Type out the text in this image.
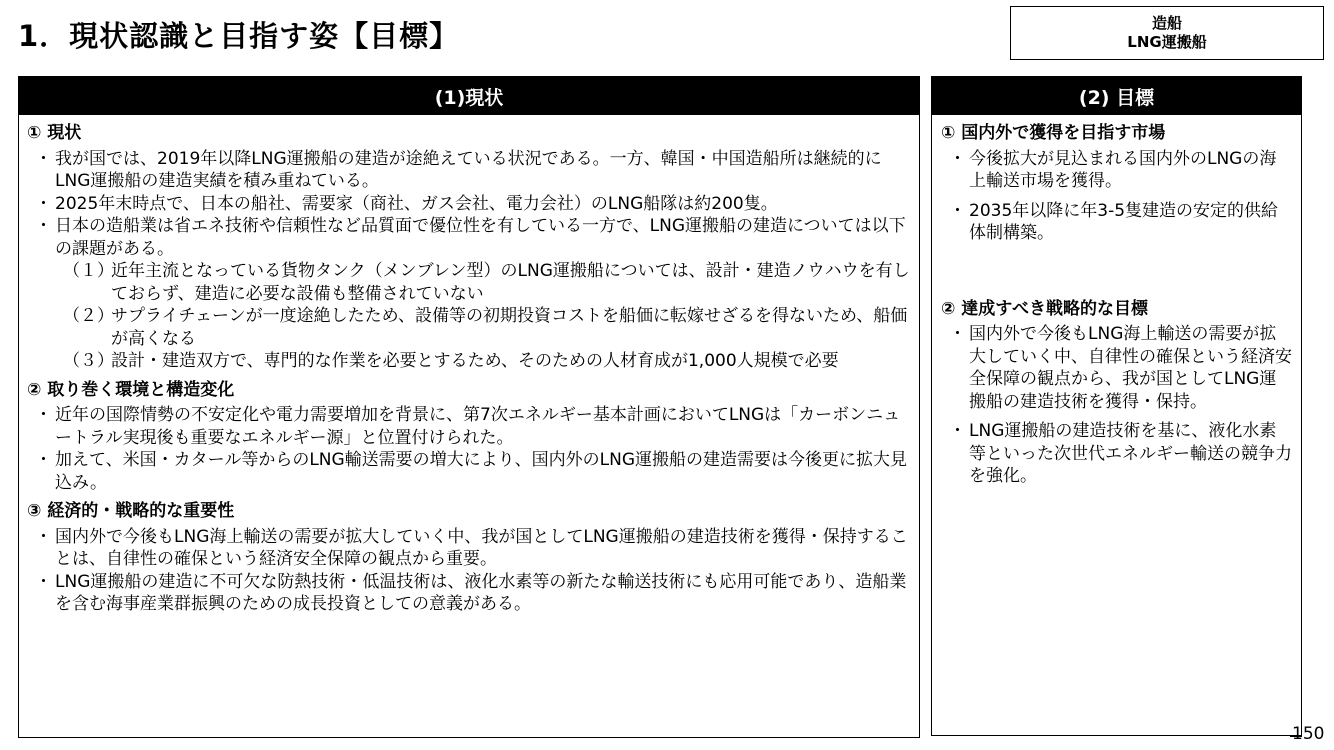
1．現状認識と目指す姿【目標】	造船
LNG運搬船
(1)現状
① 現状
・ 我が国では、2019年以降LNG運搬船の建造が途絶えている状況である。一方、韓国・中国造船所は継続的にLNG運搬船の建造実績を積み重ねている。
・ 2025年末時点で、日本の船社、需要家（商社、ガス会社、電力会社）のLNG船隊は約200隻。
・ 日本の造船業は省エネ技術や信頼性など品質面で優位性を有している一方で、LNG運搬船の建造については以下の課題がある。
（１）
近年主流となっている貨物タンク（メンブレン型）のLNG運搬船については、設計・建造ノウハウを有しておらず、建造に必要な設備も整備されていない
（２）
サプライチェーンが一度途絶したため、設備等の初期投資コストを船価に転嫁せざるを得ないため、船価が高くなる
（３）
設計・建造双方で、専門的な作業を必要とするため、そのための人材育成が1,000人規模で必要
② 取り巻く環境と構造変化
・ 近年の国際情勢の不安定化や電力需要増加を背景に、第7次エネルギー基本計画においてLNGは「カーボンニュートラル実現後も重要なエネルギー源」と位置付けられた。
・ 加えて、米国・カタール等からのLNG輸送需要の増大により、国内外のLNG運搬船の建造需要は今後更に拡大見込み。
③ 経済的・戦略的な重要性
・ 国内外で今後もLNG海上輸送の需要が拡大していく中、我が国としてLNG運搬船の建造技術を獲得・保持することは、自律性の確保という経済安全保障の観点から重要。
・ LNG運搬船の建造に不可欠な防熱技術・低温技術は、液化水素等の新たな輸送技術にも応用可能であり、造船業を含む海事産業群振興のための成長投資としての意義がある。
(2) 目標
① 国内外で獲得を目指す市場
・ 今後拡大が見込まれる国内外のLNGの海上輸送市場を獲得。
・ 2035年以降に年3-5隻建造の安定的供給体制構築。
② 達成すべき戦略的な目標
・ 国内外で今後もLNG海上輸送の需要が拡大していく中、自律性の確保という経済安全保障の観点から、我が国としてLNG運搬船の建造技術を獲得・保持。
・ LNG運搬船の建造技術を基に、液化水素等といった次世代エネルギー輸送の競争力を強化。
150
